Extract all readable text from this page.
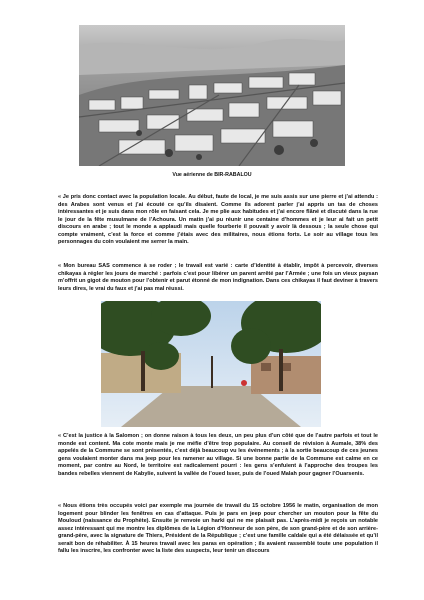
Vue aérienne de BIR-RABALOU

« Je pris donc contact avec la population locale. Au début, faute de local, je me suis assis sur une pierre et j’ai attendu : des Arabes sont venus et j’ai écouté ce qu’ils disaient. Comme ils adorent parler j’ai appris un tas de choses intéressantes et je suis dans mon rôle en faisant cela. Je me plie aux habitudes et j’ai encore flâné et discuté dans la rue le jour de la fête musulmane de l’Achoura. Un matin j’ai pu réunir une centaine d’hommes et je leur ai fait un petit discours en arabe ; tout le monde a applaudi mais quelle fourberie il pouvait y avoir là dessous ; la seule chose qui compte vraiment, c’est la force et comme j’étais avec des militaires, nous étions forts. Le soir au village tous les personnages du coin voulaient me serrer la main.

« Mon bureau SAS commence à se roder ; le travail est varié : carte d’identité à établir, impôt à percevoir, diverses chikayas à régler les jours de marché : parfois c’est pour libérer un parent arrêté par l’Armée ; une fois un vieux paysan m’offrit un gigot de mouton pour l’obtenir et parut étonné de mon indignation. Dans ces chikayas il faut deviner à travers leurs dires, le vrai du faux et j’ai pas mal réussi.

« C’est la justice à la Salomon ; on donne raison à tous les deux, un peu plus d’un côté que de l’autre parfois et tout le monde est content. Ma cote monte mais je me méfie d’être trop populaire. Au conseil de révision à Aumale, 38% des appelés de la Commune se sont présentés, c’est déjà beaucoup vu les événements ; à la sortie beaucoup de ces jeunes gens voulaient monter dans ma jeep pour les ramener au village. Si une bonne partie de la Commune est calme en ce moment, par contre au Nord, le territoire est radicalement pourri : les gens s’enfuient à l’approche des troupes les bandes rebelles viennent de Kabylie, suivent la vallée de l’oued Isser, puis de l’oued Malah pour gagner l’Ouarsenis.

« Nous étions très occupés voici par exemple ma journée de travail du 15 octobre 1956 le matin, organisation de mon logement pour blinder les fenêtres en cas d’attaque. Puis je pars en jeep pour chercher un mouton pour la fête du Mouloud (naissance du Prophète). Ensuite je renvoie un harki qui ne me plaisait pas. L’après-midi je reçois un notable assez intéressant qui me montre les diplômes de la Légion d’Honneur de son père, de son grand-père et de son arrière-grand-père, avec la signature de Thiers, Président de la République ; c’est une famille caïdale qui a été délaissée et qu’il serait bon de réhabiliter. À 15 heures travail avec les paras en opération ; ils avaient rassemblé toute une population il fallu les inscrire, les confronter avec la liste des suspects, leur tenir un discours
